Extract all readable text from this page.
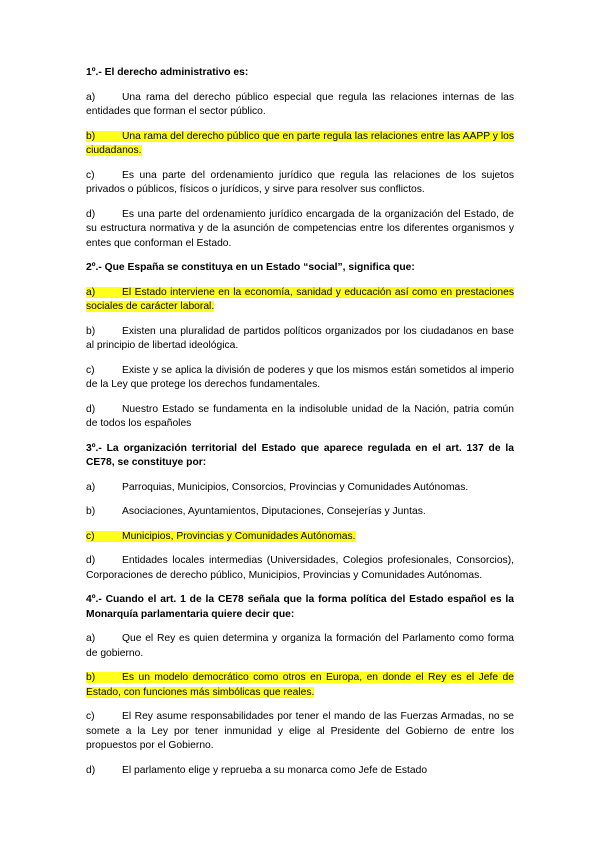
1º.- El derecho administrativo es:

a)	Una rama del derecho público especial que regula las relaciones internas de las entidades que forman el sector público.

b)	Una rama del derecho público que en parte regula las relaciones entre las AAPP y los ciudadanos.

c)	Es una parte del ordenamiento jurídico que regula las relaciones de los sujetos privados o públicos, físicos o jurídicos, y sirve para resolver sus conflictos.

d)	Es una parte del ordenamiento jurídico encargada de la organización del Estado, de su estructura normativa y de la asunción de competencias entre los diferentes organismos y entes que conforman el Estado.

2º.- Que España se constituya en un Estado “social”, significa que:

a)	El Estado interviene en la economía, sanidad y educación así como en prestaciones sociales de carácter laboral.

b)	Existen una pluralidad de partidos políticos organizados por los ciudadanos en base al principio de libertad ideológica.

c)	Existe y se aplica la división de poderes y que los mismos están sometidos al imperio de la Ley que protege los derechos fundamentales.

d)	Nuestro Estado se fundamenta en la indisoluble unidad de la Nación, patria común de todos los españoles

3º.- La organización territorial del Estado que aparece regulada en el art. 137 de la CE78, se constituye por:

a)	Parroquias, Municipios, Consorcios, Provincias y Comunidades Autónomas.

b)	Asociaciones, Ayuntamientos, Diputaciones, Consejerías y Juntas.

c)	Municipios, Provincias y Comunidades Autónomas.

d)	Entidades locales intermedias (Universidades, Colegios profesionales, Consorcios), Corporaciones de derecho público, Municipios, Provincias y Comunidades Autónomas.

4º.- Cuando el art. 1 de la CE78 señala que la forma política del Estado español es la Monarquía parlamentaria quiere decir que:

a)	Que el Rey es quien determina y organiza la formación del Parlamento como forma de gobierno.

b)	Es un modelo democrático como otros en Europa, en donde el Rey es el Jefe de Estado, con funciones más simbólicas que reales.

c)	El Rey asume responsabilidades por tener el mando de las Fuerzas Armadas, no se somete a la Ley por tener inmunidad y elige al Presidente del Gobierno de entre los propuestos por el Gobierno.

d)	El parlamento elige y reprueba a su monarca como Jefe de Estado
